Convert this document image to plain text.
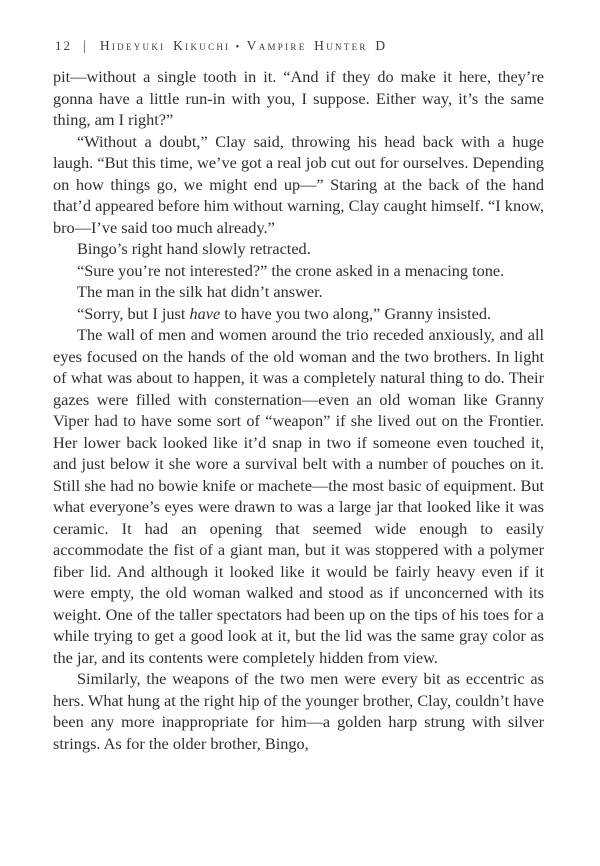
12 | Hideyuki Kikuchi • Vampire Hunter D

pit—without a single tooth in it. “And if they do make it here, they’re gonna have a little run-in with you, I suppose. Either way, it’s the same thing, am I right?”

“Without a doubt,” Clay said, throwing his head back with a huge laugh. “But this time, we’ve got a real job cut out for ourselves. Depending on how things go, we might end up—” Staring at the back of the hand that’d appeared before him without warning, Clay caught himself. “I know, bro—I’ve said too much already.”

Bingo’s right hand slowly retracted.

“Sure you’re not interested?” the crone asked in a menacing tone.

The man in the silk hat didn’t answer.

“Sorry, but I just have to have you two along,” Granny insisted.

The wall of men and women around the trio receded anxiously, and all eyes focused on the hands of the old woman and the two brothers. In light of what was about to happen, it was a completely natural thing to do. Their gazes were filled with consternation—even an old woman like Granny Viper had to have some sort of “weapon” if she lived out on the Frontier. Her lower back looked like it’d snap in two if someone even touched it, and just below it she wore a survival belt with a number of pouches on it. Still she had no bowie knife or machete—the most basic of equipment. But what everyone’s eyes were drawn to was a large jar that looked like it was ceramic. It had an opening that seemed wide enough to easily accommodate the fist of a giant man, but it was stoppered with a polymer fiber lid. And although it looked like it would be fairly heavy even if it were empty, the old woman walked and stood as if unconcerned with its weight. One of the taller spectators had been up on the tips of his toes for a while trying to get a good look at it, but the lid was the same gray color as the jar, and its contents were completely hidden from view.

Similarly, the weapons of the two men were every bit as eccentric as hers. What hung at the right hip of the younger brother, Clay, couldn’t have been any more inappropriate for him—a golden harp strung with silver strings. As for the older brother, Bingo,
